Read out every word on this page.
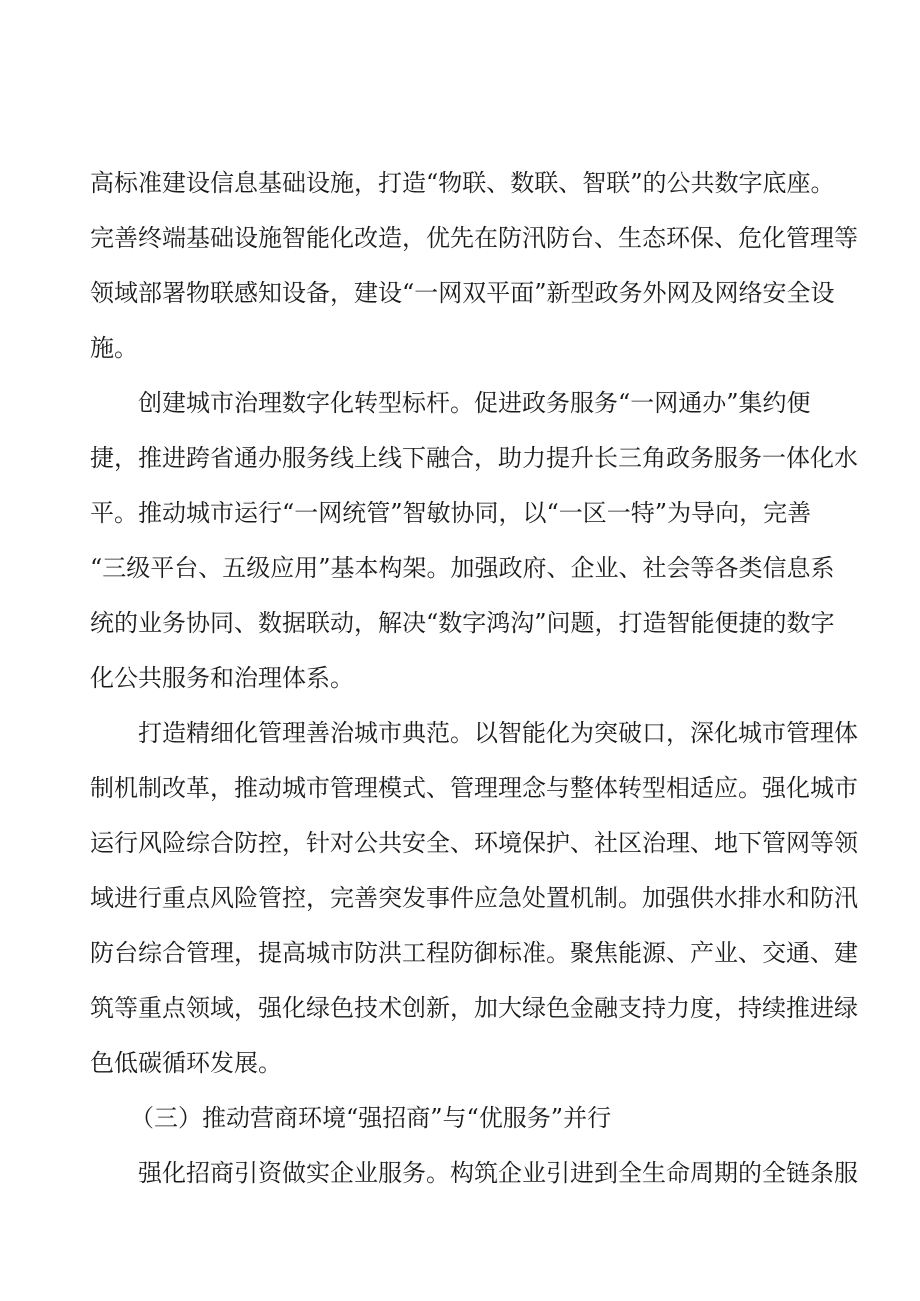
高标准建设信息基础设施，打造“物联、数联、智联”的公共数字底座。
完善终端基础设施智能化改造，优先在防汛防台、生态环保、危化管理等
领域部署物联感知设备，建设“一网双平面”新型政务外网及网络安全设
施。
创建城市治理数字化转型标杆。促进政务服务“一网通办”集约便
捷，推进跨省通办服务线上线下融合，助力提升长三角政务服务一体化水
平。推动城市运行“一网统管”智敏协同，以“一区一特”为导向，完善
“三级平台、五级应用”基本构架。加强政府、企业、社会等各类信息系
统的业务协同、数据联动，解决“数字鸿沟”问题，打造智能便捷的数字
化公共服务和治理体系。
打造精细化管理善治城市典范。以智能化为突破口，深化城市管理体
制机制改革，推动城市管理模式、管理理念与整体转型相适应。强化城市
运行风险综合防控，针对公共安全、环境保护、社区治理、地下管网等领
域进行重点风险管控，完善突发事件应急处置机制。加强供水排水和防汛
防台综合管理，提高城市防洪工程防御标准。聚焦能源、产业、交通、建
筑等重点领域，强化绿色技术创新，加大绿色金融支持力度，持续推进绿
色低碳循环发展。
（三）推动营商环境“强招商”与“优服务”并行
强化招商引资做实企业服务。构筑企业引进到全生命周期的全链条服
